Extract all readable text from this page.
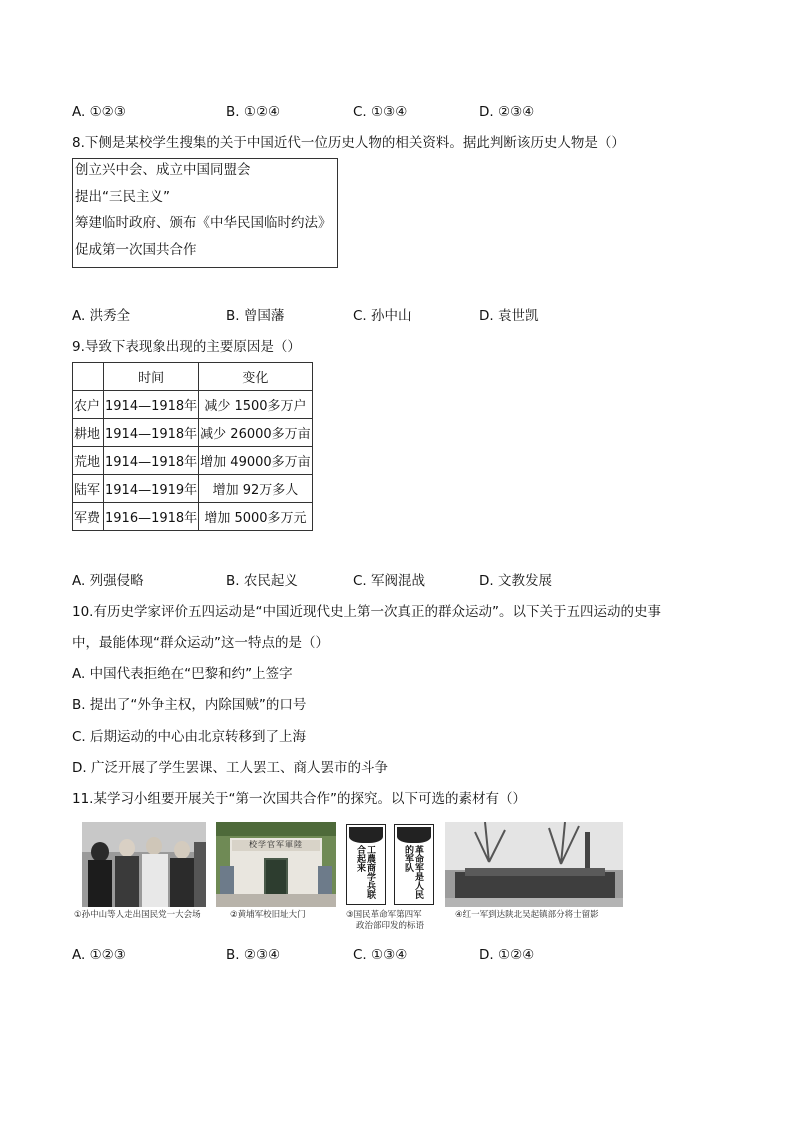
A. ①②③	B. ①②④	C. ①③④	D. ②③④
8.下侧是某校学生搜集的关于中国近代一位历史人物的相关资料。据此判断该历史人物是（）
创立兴中会、成立中国同盟会
提出“三民主义”
筹建临时政府、颁布《中华民国临时约法》
促成第一次国共合作
A. 洪秀全	B. 曾国藩	C. 孙中山	D. 袁世凯
9.导致下表现象出现的主要原因是（）
	时间	变化
农户	1914—1918年	减少 1500多万户
耕地	1914—1918年	减少 26000多万亩
荒地	1914—1918年	增加 49000多万亩
陆军	1914—1919年	增加 92万多人
军费	1916—1918年	增加 5000多万元
A. 列强侵略	B. 农民起义	C. 军阀混战	D. 文教发展
10.有历史学家评价五四运动是“中国近现代史上第一次真正的群众运动”。以下关于五四运动的史事
中，最能体现“群众运动”这一特点的是（）
A. 中国代表拒绝在“巴黎和约”上签字
B. 提出了“外争主权，内除国贼”的口号
C. 后期运动的中心由北京转移到了上海
D. 广泛开展了学生罢课、工人罢工、商人罢市的斗争
11.某学习小组要开展关于“第一次国共合作”的探究。以下可选的素材有（）
①孙中山等人走出国民党一大会场
校学官军軍陸
②黄埔军校旧址大门
工農商学兵联合起来	革命军是人民的军队
③国民革命军第四军
政治部印发的标语
④红一军到达陕北吴起镇部分将士留影
A. ①②③	B. ②③④	C. ①③④	D. ①②④
